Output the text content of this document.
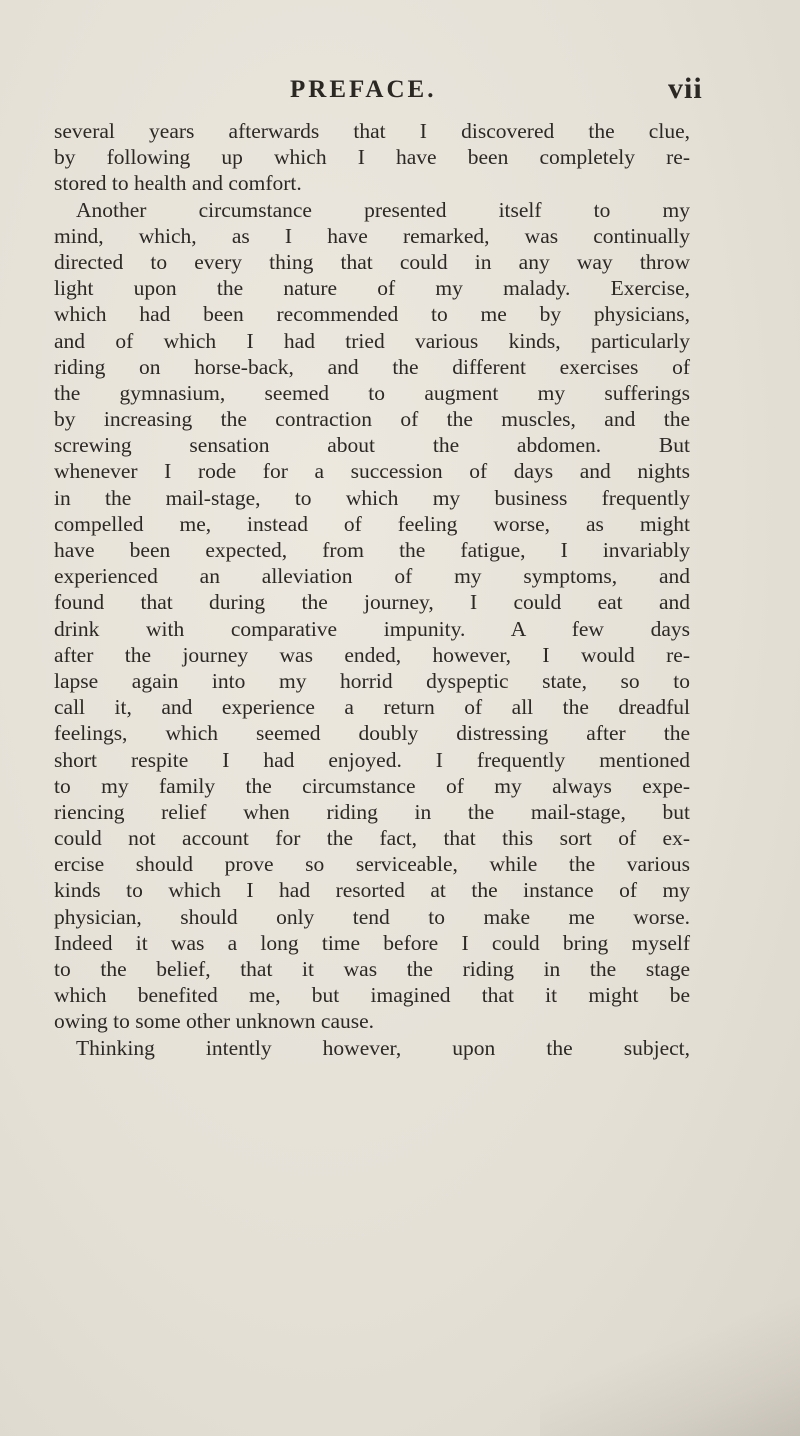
PREFACE.	vii
several years afterwards that I discovered the clue,
by following up which I have been completely re-
stored to health and comfort.
Another circumstance presented itself to my
mind, which, as I have remarked, was continually
directed to every thing that could in any way throw
light upon the nature of my malady. Exercise,
which had been recommended to me by physicians,
and of which I had tried various kinds, particularly
riding on horse-back, and the different exercises of
the gymnasium, seemed to augment my sufferings
by increasing the contraction of the muscles, and the
screwing sensation about the abdomen. But
whenever I rode for a succession of days and nights
in the mail-stage, to which my business frequently
compelled me, instead of feeling worse, as might
have been expected, from the fatigue, I invariably
experienced an alleviation of my symptoms, and
found that during the journey, I could eat and
drink with comparative impunity. A few days
after the journey was ended, however, I would re-
lapse again into my horrid dyspeptic state, so to
call it, and experience a return of all the dreadful
feelings, which seemed doubly distressing after the
short respite I had enjoyed. I frequently mentioned
to my family the circumstance of my always expe-
riencing relief when riding in the mail-stage, but
could not account for the fact, that this sort of ex-
ercise should prove so serviceable, while the various
kinds to which I had resorted at the instance of my
physician, should only tend to make me worse.
Indeed it was a long time before I could bring myself
to the belief, that it was the riding in the stage
which benefited me, but imagined that it might be
owing to some other unknown cause.
Thinking intently however, upon the subject,
